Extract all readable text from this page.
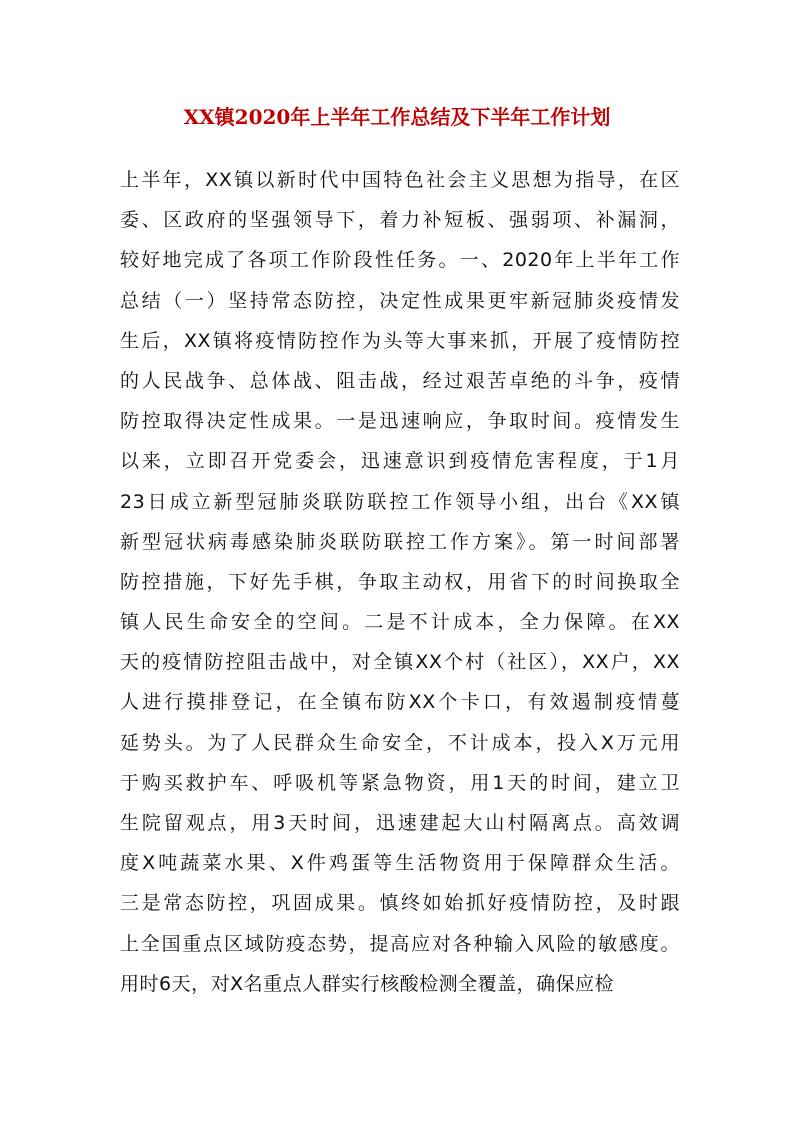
XX镇2020年上半年工作总结及下半年工作计划
上半年，XX镇以新时代中国特色社会主义思想为指导，在区
委、区政府的坚强领导下，着力补短板、强弱项、补漏洞，
较好地完成了各项工作阶段性任务。一、2020年上半年工作
总结（一）坚持常态防控，决定性成果更牢新冠肺炎疫情发
生后，XX镇将疫情防控作为头等大事来抓，开展了疫情防控
的人民战争、总体战、阻击战，经过艰苦卓绝的斗争，疫情
防控取得决定性成果。一是迅速响应，争取时间。疫情发生
以来，立即召开党委会，迅速意识到疫情危害程度，于1月
23日成立新型冠肺炎联防联控工作领导小组，出台《XX镇
新型冠状病毒感染肺炎联防联控工作方案》。第一时间部署
防控措施，下好先手棋，争取主动权，用省下的时间换取全
镇人民生命安全的空间。二是不计成本，全力保障。在XX
天的疫情防控阻击战中，对全镇XX个村（社区），XX户，XX
人进行摸排登记，在全镇布防XX个卡口，有效遏制疫情蔓
延势头。为了人民群众生命安全，不计成本，投入X万元用
于购买救护车、呼吸机等紧急物资，用1天的时间，建立卫
生院留观点，用3天时间，迅速建起大山村隔离点。高效调
度X吨蔬菜水果、X件鸡蛋等生活物资用于保障群众生活。
三是常态防控，巩固成果。慎终如始抓好疫情防控，及时跟
上全国重点区域防疫态势，提高应对各种输入风险的敏感度。
用时6天，对X名重点人群实行核酸检测全覆盖，确保应检
